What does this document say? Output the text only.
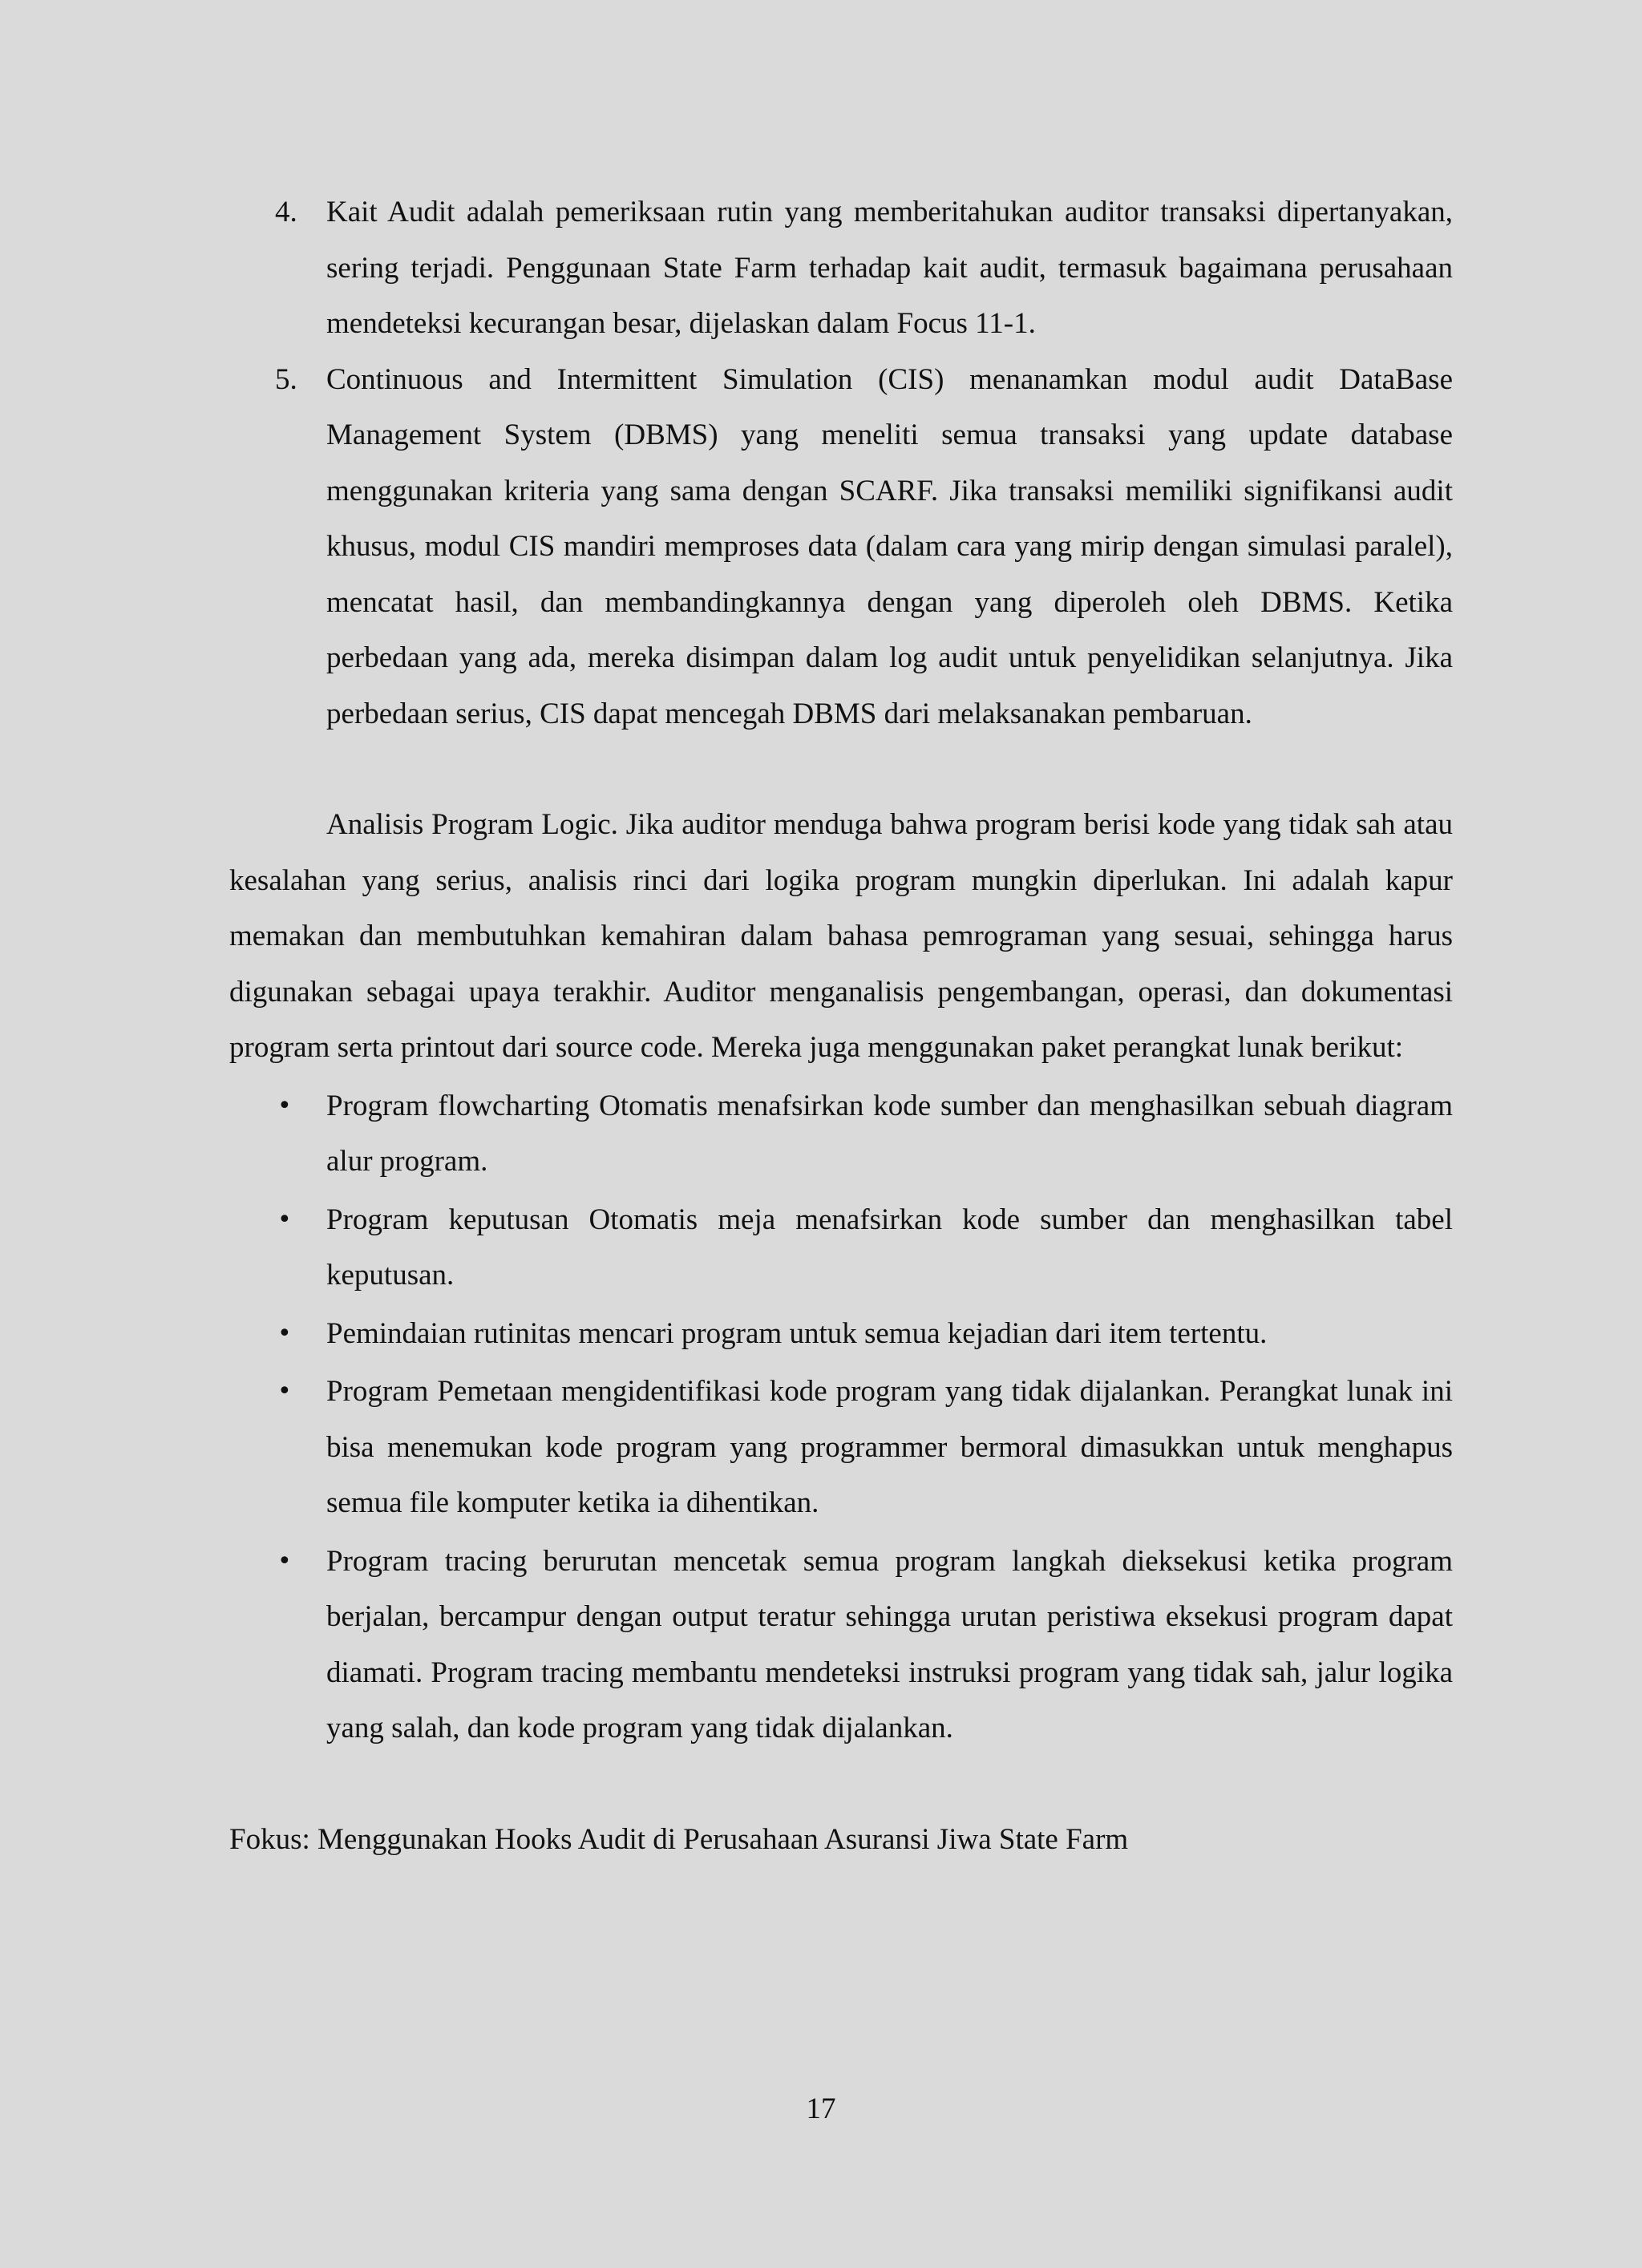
4. Kait Audit adalah pemeriksaan rutin yang memberitahukan auditor transaksi dipertanyakan, sering terjadi. Penggunaan State Farm terhadap kait audit, termasuk bagaimana perusahaan mendeteksi kecurangan besar, dijelaskan dalam Focus 11-1.
5. Continuous and Intermittent Simulation (CIS) menanamkan modul audit DataBase Management System (DBMS) yang meneliti semua transaksi yang update database menggunakan kriteria yang sama dengan SCARF. Jika transaksi memiliki signifikansi audit khusus, modul CIS mandiri memproses data (dalam cara yang mirip dengan simulasi paralel), mencatat hasil, dan membandingkannya dengan yang diperoleh oleh DBMS. Ketika perbedaan yang ada, mereka disimpan dalam log audit untuk penyelidikan selanjutnya. Jika perbedaan serius, CIS dapat mencegah DBMS dari melaksanakan pembaruan.

Analisis Program Logic. Jika auditor menduga bahwa program berisi kode yang tidak sah atau kesalahan yang serius, analisis rinci dari logika program mungkin diperlukan. Ini adalah kapur memakan dan membutuhkan kemahiran dalam bahasa pemrograman yang sesuai, sehingga harus digunakan sebagai upaya terakhir. Auditor menganalisis pengembangan, operasi, dan dokumentasi program serta printout dari source code. Mereka juga menggunakan paket perangkat lunak berikut:

• Program flowcharting Otomatis menafsirkan kode sumber dan menghasilkan sebuah diagram alur program.
• Program keputusan Otomatis meja menafsirkan kode sumber dan menghasilkan tabel keputusan.
• Pemindaian rutinitas mencari program untuk semua kejadian dari item tertentu.
• Program Pemetaan mengidentifikasi kode program yang tidak dijalankan. Perangkat lunak ini bisa menemukan kode program yang programmer bermoral dimasukkan untuk menghapus semua file komputer ketika ia dihentikan.
• Program tracing berurutan mencetak semua program langkah dieksekusi ketika program berjalan, bercampur dengan output teratur sehingga urutan peristiwa eksekusi program dapat diamati. Program tracing membantu mendeteksi instruksi program yang tidak sah, jalur logika yang salah, dan kode program yang tidak dijalankan.

Fokus: Menggunakan Hooks Audit di Perusahaan Asuransi Jiwa State Farm

17
